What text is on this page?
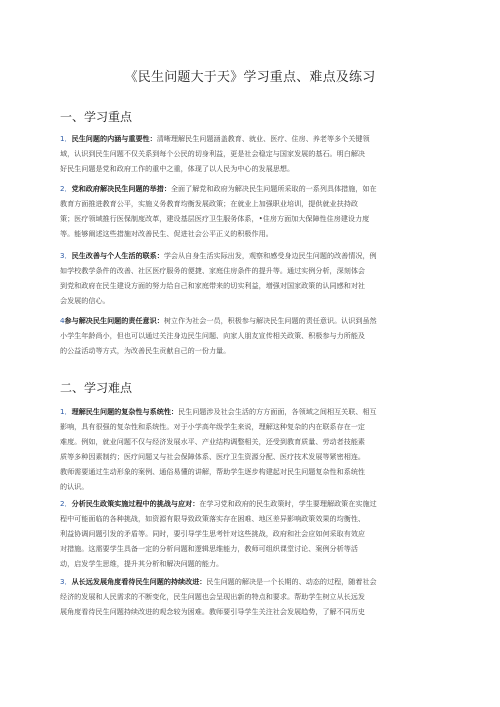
《民生问题大于天》学习重点、难点及练习
一、学习重点
1．民生问题的内涵与重要性：清晰理解民生问题涵盖教育、就业、医疗、住房、养老等多个关键领
域，认识到民生问题不仅关系到每个公民的切身利益，更是社会稳定与国家发展的基石。明白解决
好民生问题是党和政府工作的重中之重，体现了以人民为中心的发展思想。
2．党和政府解决民生问题的举措：全面了解党和政府为解决民生问题所采取的一系列具体措施，如在
教育方面推进教育公平，实施义务教育均衡发展政策；在就业上加强职业培训，提供就业扶持政
策；医疗领域推行医保制度改革，建设基层医疗卫生服务体系，•住房方面加大保障性住房建设力度
等。能够阐述这些措施对改善民生、促进社会公平正义的积极作用。
3．民生改善与个人生活的联系：学会从自身生活实际出发，观察和感受身边民生问题的改善情况，例
如学校教学条件的改善、社区医疗服务的便捷、家庭住房条件的提升等。通过实例分析，深刻体会
到党和政府在民生建设方面的努力给自己和家庭带来的切实利益，增强对国家政策的认同感和对社
会发展的信心。
4参与解决民生问题的责任意识：树立作为社会一员，积极参与解决民生问题的责任意识。认识到虽然
小学生年龄尚小，但也可以通过关注身边民生问题、向家人朋友宣传相关政策、积极参与力所能及
的公益活动等方式，为改善民生贡献自己的一份力量。
二、学习难点
1．理解民生问题的复杂性与系统性：民生问题涉及社会生活的方方面面，各领域之间相互关联、相互
影响，具有很强的复杂性和系统性。对于小学高年级学生来说，理解这种复杂的内在联系存在一定
难度。例如，就业问题不仅与经济发展水平、产业结构调整相关，还受到教育质量、劳动者技能素
质等多种因素制约；医疗问题又与社会保障体系、医疗卫生资源分配、医疗技术发展等紧密相连。
教师需要通过生动形象的案例、通俗易懂的讲解，帮助学生逐步构建起对民生问题复杂性和系统性
的认识。
2．分析民生政策实施过程中的挑战与应对：在学习党和政府的民生政策时，学生要理解政策在实施过
程中可能面临的各种挑战，如资源有限导致政策落实存在困难、地区差异影响政策效果的均衡性、
利益协调问题引发的矛盾等。同时，要引导学生思考针对这些挑战，政府和社会应如何采取有效应
对措施。这需要学生具备一定的分析问题和逻辑思维能力，教师可组织课堂讨论、案例分析等活
动，启发学生思维，提升其分析和解决问题的能力。
3．从长远发展角度看待民生问题的持续改进：民生问题的解决是一个长期的、动态的过程，随着社会
经济的发展和人民需求的不断变化，民生问题也会呈现出新的特点和要求。帮助学生树立从长远发
展角度看待民生问题持续改进的观念较为困难。教师要引导学生关注社会发展趋势，了解不同历史
